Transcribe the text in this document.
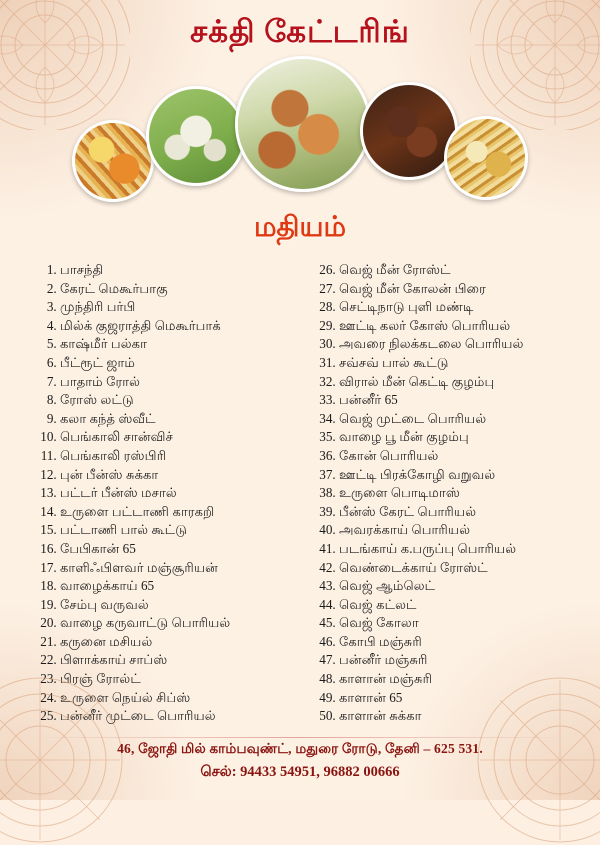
சக்தி கேட்டரிங்
மதியம்
1. பாசந்தி
2. கேரட் மெகூர்பாகு
3. முந்திரி பர்பி
4. மில்க் குஜராத்தி மெகூர்பாக்
5. காஷ்மீர் பல்கா
6. பீட்ரூட் ஜாம்
7. பாதாம் ரோல்
8. ரோஸ் லட்டு
9. கலா கந்த் ஸ்வீட்
10. பெங்காலி சான்விச்
11. பெங்காலி ரஸ்பிரி
12. புன் பீன்ஸ் சுக்கா
13. பட்டர் பீன்ஸ் மசால்
14. உருளை பட்டாணி காரகறி
15. பட்டாணி பால் கூட்டு
16. பேபிகான் 65
17. காளிஃபிளவர் மஞ்சூரியன்
18. வாழைக்காய் 65
19. சேம்பு வருவல்
20. வாழை கருவாட்டு பொரியல்
21. கருனை மசியல்
22. பிளாக்காய் சாப்ஸ்
23. பிரஞ் ரோல்ட்
24. உருளை நெய்ல் சிப்ஸ்
25. பன்னீர் முட்டை பொரியல்
26. வெஜ் மீன் ரோஸ்ட்
27. வெஜ் மீன் கோலன் பிரை
28. செட்டிநாடு புளி மண்டி
29. ஊட்டி கலர் கோஸ் பொரியல்
30. அவரை நிலக்கடலை பொரியல்
31. சவ்சவ் பால் கூட்டு
32. விரால் மீன் கெட்டி குழம்பு
33. பன்னீர் 65
34. வெஜ் முட்டை பொரியல்
35. வாழை பூ மீன் குழம்பு
36. கோன் பொரியல்
37. ஊட்டி பிரக்கோழி வறுவல்
38. உருளை பொடிமாஸ்
39. பீன்ஸ் கேரட் பொரியல்
40. அவரக்காய் பொரியல்
41. படங்காய் க.பருப்பு பொரியல்
42. வெண்டைக்காய் ரோஸ்ட்
43. வெஜ் ஆம்லெட்
44. வெஜ் கட்லட்
45. வெஜ் கோலா
46. கோபி மஞ்சுரி
47. பன்னீர் மஞ்சுரி
48. காளான் மஞ்சுரி
49. காளான் 65
50. காளான் சுக்கா
46, ஜோதி மில் காம்பவுண்ட், மதுரை ரோடு, தேனி – 625 531.
செல்: 94433 54951, 96882 00666
